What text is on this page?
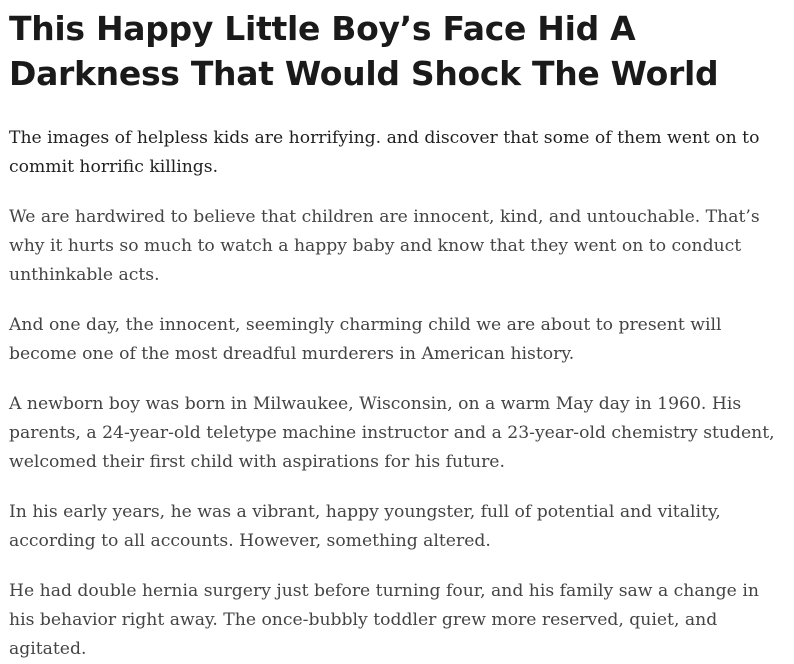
This Happy Little Boy’s Face Hid A Darkness That Would Shock The World

The images of helpless kids are horrifying. and discover that some of them went on to commit horrific killings.

We are hardwired to believe that children are innocent, kind, and untouchable. That’s why it hurts so much to watch a happy baby and know that they went on to conduct unthinkable acts.

And one day, the innocent, seemingly charming child we are about to present will become one of the most dreadful murderers in American history.

A newborn boy was born in Milwaukee, Wisconsin, on a warm May day in 1960. His parents, a 24-year-old teletype machine instructor and a 23-year-old chemistry student, welcomed their first child with aspirations for his future.

In his early years, he was a vibrant, happy youngster, full of potential and vitality, according to all accounts. However, something altered.

He had double hernia surgery just before turning four, and his family saw a change in his behavior right away. The once-bubbly toddler grew more reserved, quiet, and agitated.
